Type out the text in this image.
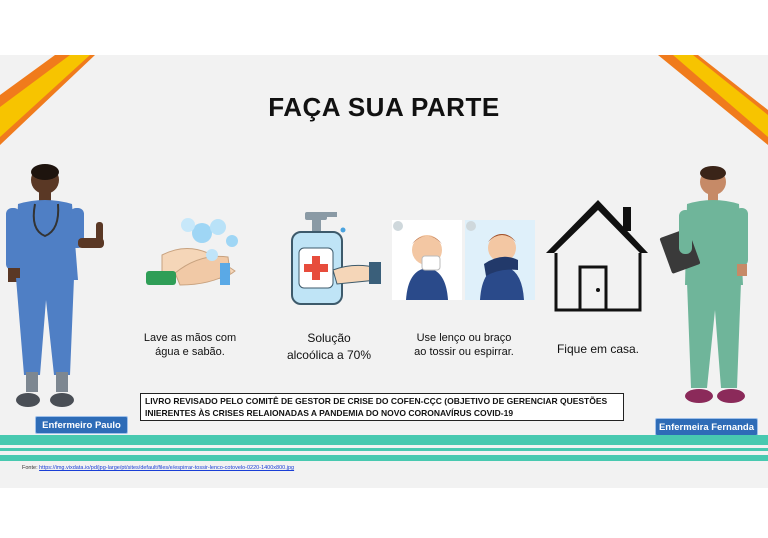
FAÇA SUA PARTE
Lave as mãos com água e sabão.
Solução alcoólica a 70%
Use lenço ou braço ao tossir ou espirrar.	Fique em casa.
LIVRO REVISADO PELO COMITÊ DE GESTOR DE CRISE DO COFEN-CÇC (OBJETIVO DE GERENCIAR QUESTÕES INIERENTES ÀS CRISES RELAIONADAS A PANDEMIA DO NOVO CORONAVÍRUS COVID-19
Enfermeiro Paulo	Enfermeira Fernanda
Fonte: https://img.vixdata.io/pd/jpg-large/pt/sites/default/files/e/espirrar-tossir-lenco-cotovelo-0220-1400x800.jpg
